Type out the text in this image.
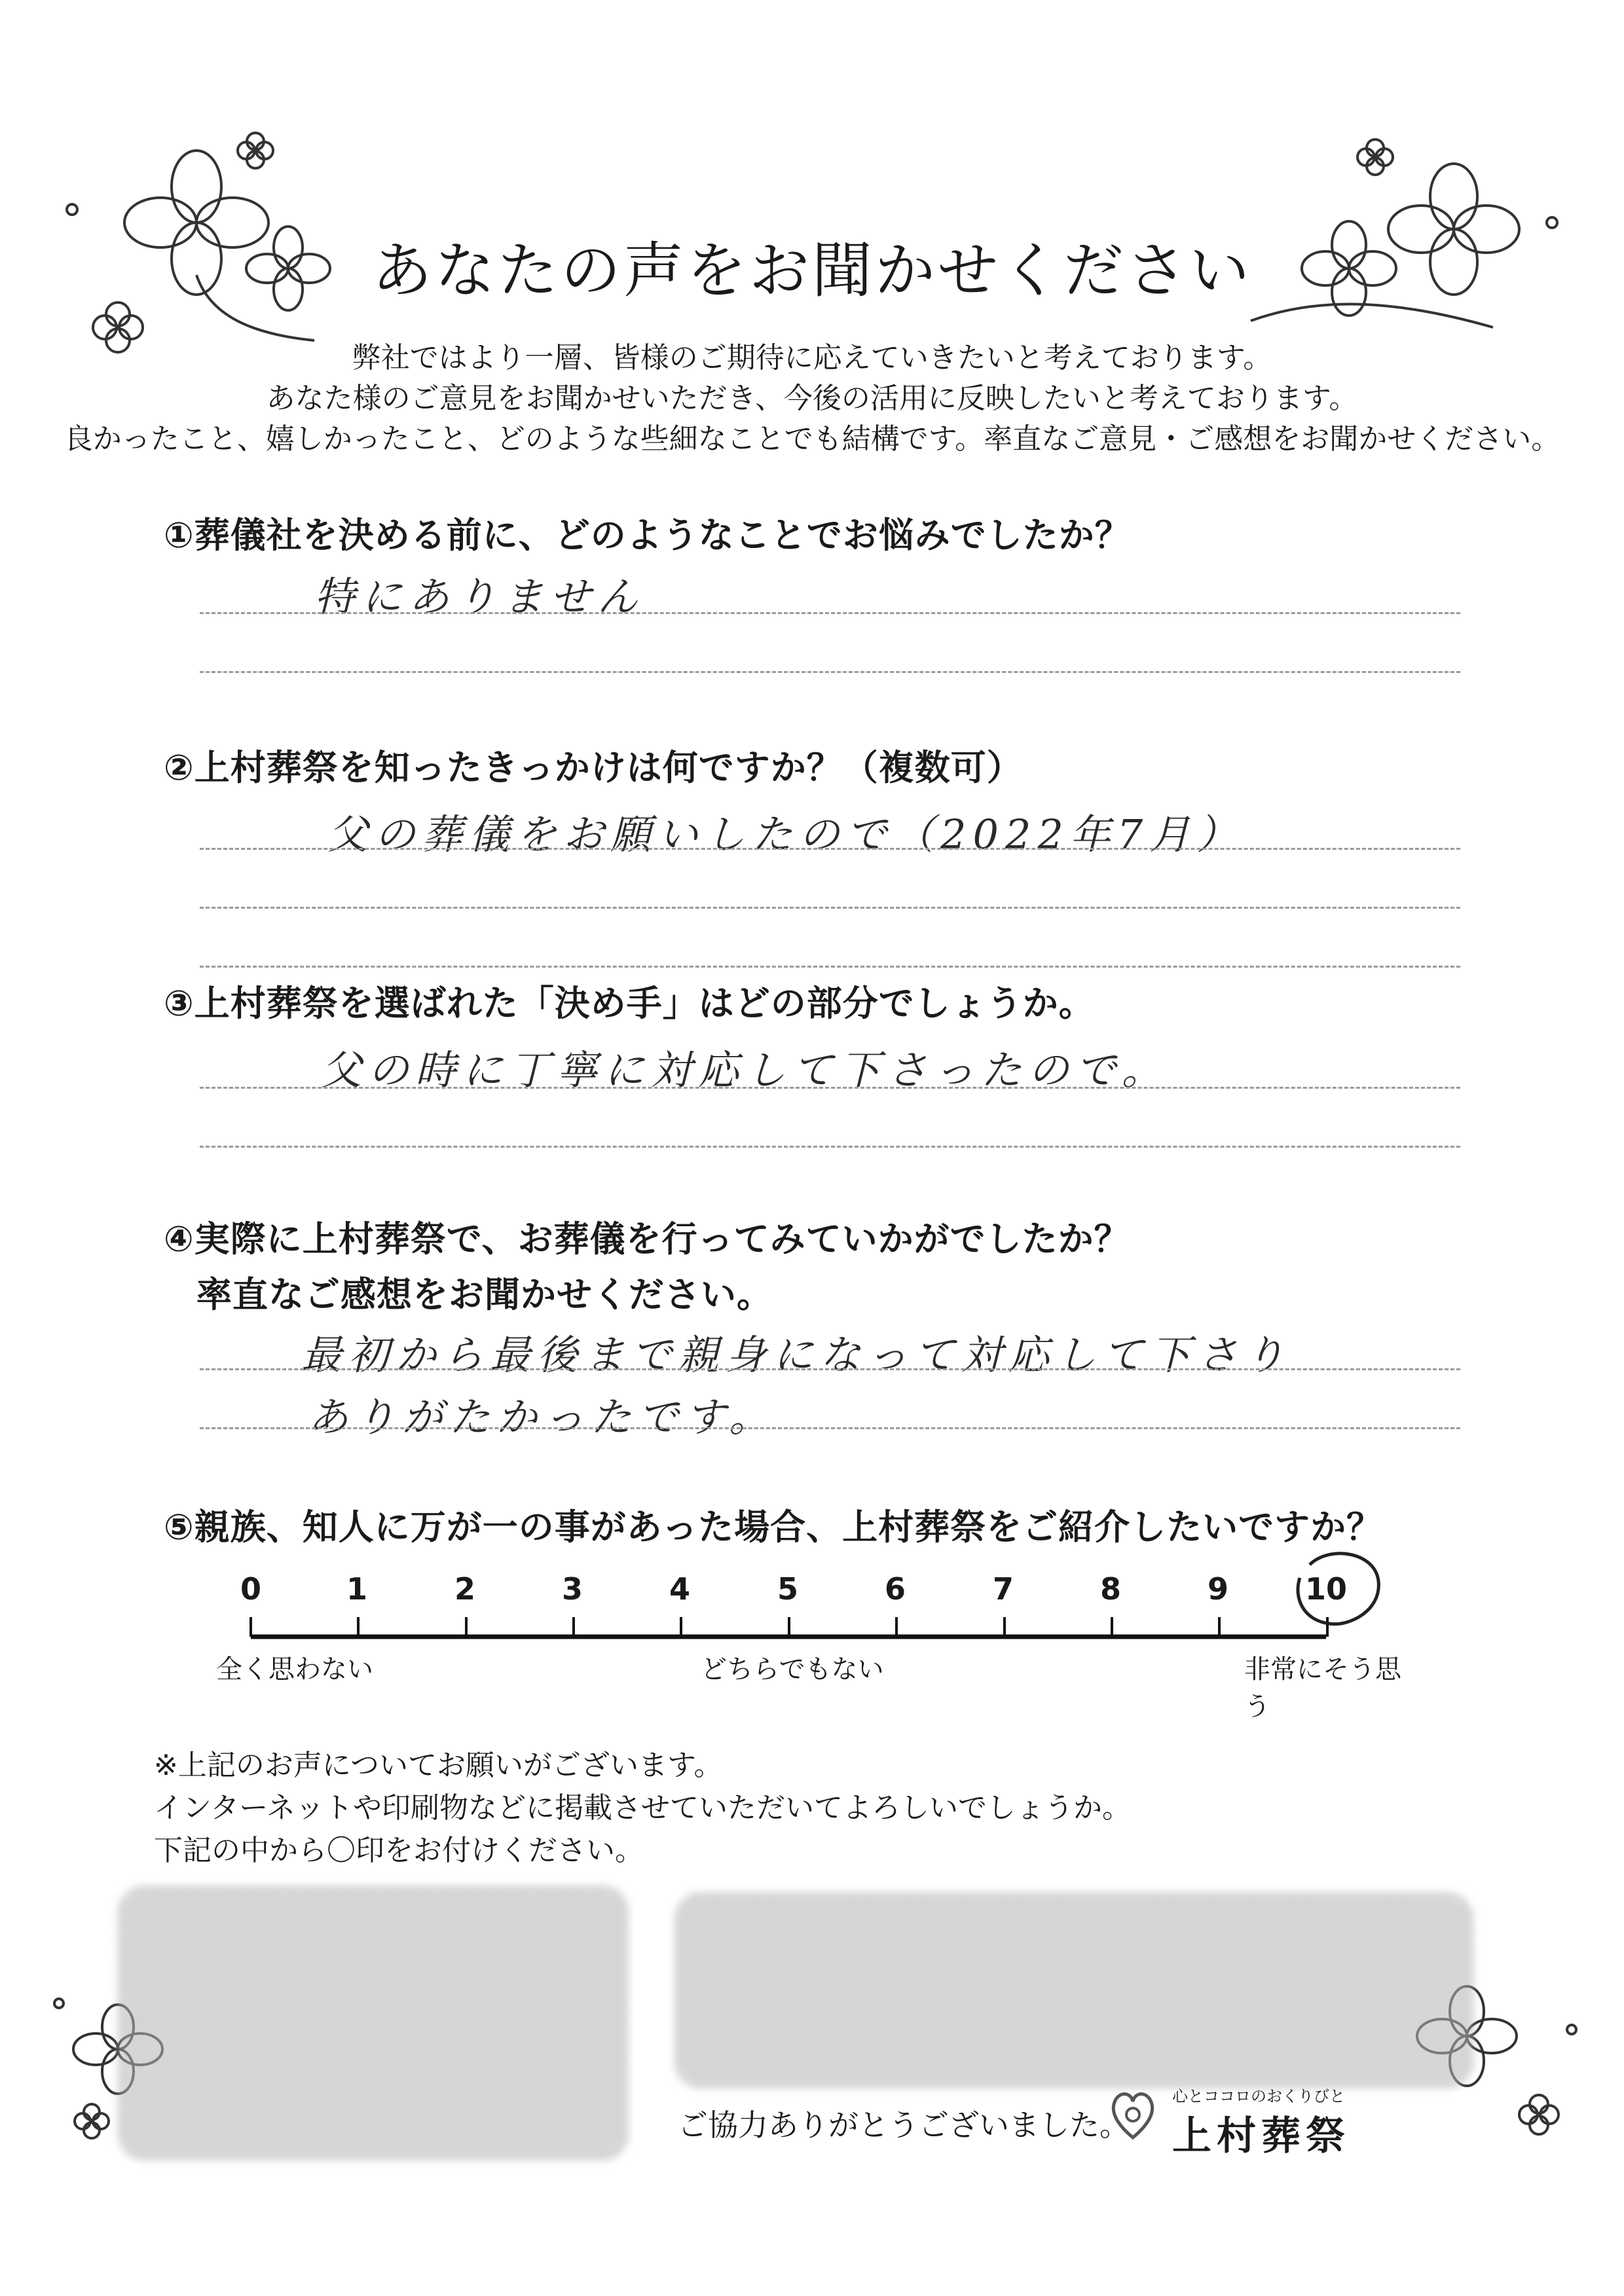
あなたの声をお聞かせください
弊社ではより一層、皆様のご期待に応えていきたいと考えております。
あなた様のご意見をお聞かせいただき、今後の活用に反映したいと考えております。
良かったこと、嬉しかったこと、どのような些細なことでも結構です。率直なご意見・ご感想をお聞かせください。
①葬儀社を決める前に、どのようなことでお悩みでしたか？
特にありません
②上村葬祭を知ったきっかけは何ですか？（複数可）
父の葬儀をお願いしたので（2022年7月）
③上村葬祭を選ばれた「決め手」はどの部分でしょうか。
父の時に丁寧に対応して下さったので。
④実際に上村葬祭で、お葬儀を行ってみていかがでしたか？
率直なご感想をお聞かせください。
最初から最後まで親身になって対応して下さり
ありがたかったです。
⑤親族、知人に万が一の事があった場合、上村葬祭をご紹介したいですか？
0	1	2	3	4	5	6	7	8	9	10
全く思わない	どちらでもない	非常にそう思う
※上記のお声についてお願いがございます。
インターネットや印刷物などに掲載させていただいてよろしいでしょうか。
下記の中から〇印をお付けください。
ご協力ありがとうございました。
心とココロのおくりびと
上村葬祭
